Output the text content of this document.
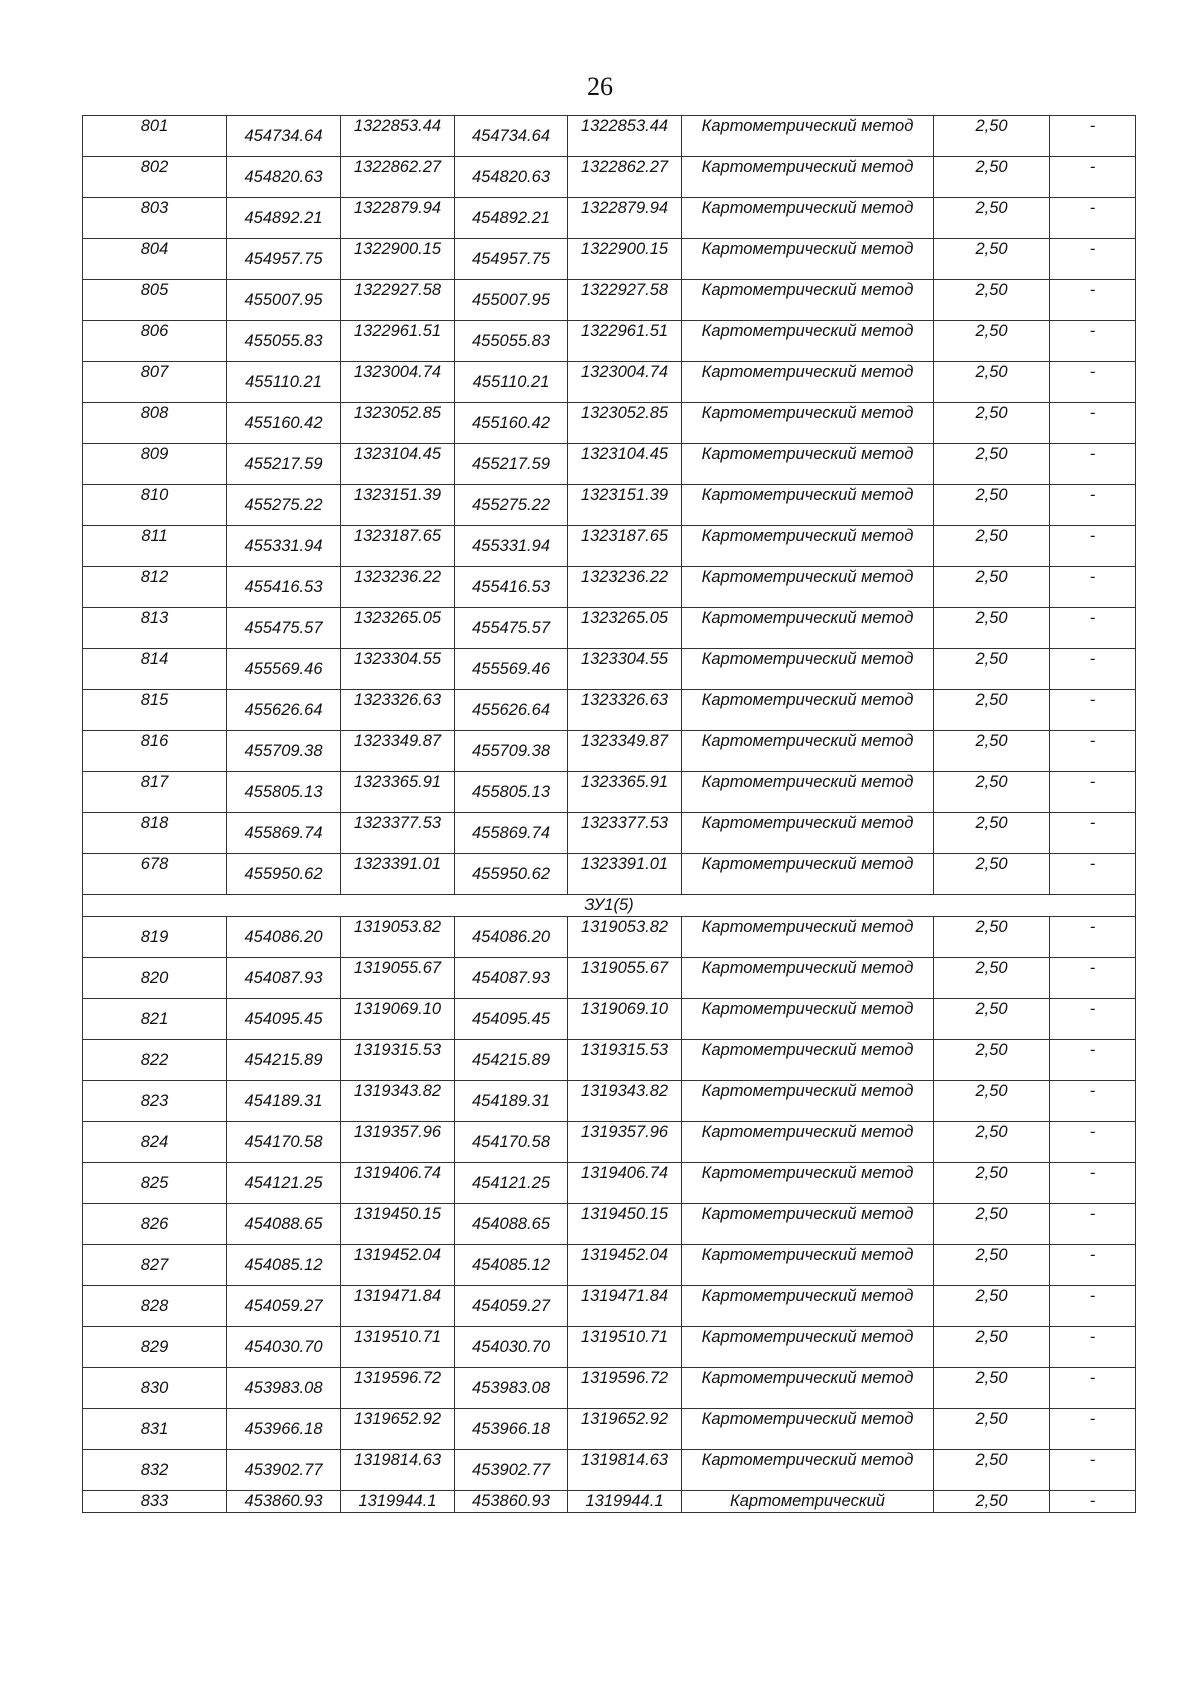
26
801	454734.64	1322853.44	454734.64	1322853.44	Картометрический метод	2,50	-
802	454820.63	1322862.27	454820.63	1322862.27	Картометрический метод	2,50	-
803	454892.21	1322879.94	454892.21	1322879.94	Картометрический метод	2,50	-
804	454957.75	1322900.15	454957.75	1322900.15	Картометрический метод	2,50	-
805	455007.95	1322927.58	455007.95	1322927.58	Картометрический метод	2,50	-
806	455055.83	1322961.51	455055.83	1322961.51	Картометрический метод	2,50	-
807	455110.21	1323004.74	455110.21	1323004.74	Картометрический метод	2,50	-
808	455160.42	1323052.85	455160.42	1323052.85	Картометрический метод	2,50	-
809	455217.59	1323104.45	455217.59	1323104.45	Картометрический метод	2,50	-
810	455275.22	1323151.39	455275.22	1323151.39	Картометрический метод	2,50	-
811	455331.94	1323187.65	455331.94	1323187.65	Картометрический метод	2,50	-
812	455416.53	1323236.22	455416.53	1323236.22	Картометрический метод	2,50	-
813	455475.57	1323265.05	455475.57	1323265.05	Картометрический метод	2,50	-
814	455569.46	1323304.55	455569.46	1323304.55	Картометрический метод	2,50	-
815	455626.64	1323326.63	455626.64	1323326.63	Картометрический метод	2,50	-
816	455709.38	1323349.87	455709.38	1323349.87	Картометрический метод	2,50	-
817	455805.13	1323365.91	455805.13	1323365.91	Картометрический метод	2,50	-
818	455869.74	1323377.53	455869.74	1323377.53	Картометрический метод	2,50	-
678	455950.62	1323391.01	455950.62	1323391.01	Картометрический метод	2,50	-
ЗУ1(5)							
819	454086.20	1319053.82	454086.20	1319053.82	Картометрический метод	2,50	-
820	454087.93	1319055.67	454087.93	1319055.67	Картометрический метод	2,50	-
821	454095.45	1319069.10	454095.45	1319069.10	Картометрический метод	2,50	-
822	454215.89	1319315.53	454215.89	1319315.53	Картометрический метод	2,50	-
823	454189.31	1319343.82	454189.31	1319343.82	Картометрический метод	2,50	-
824	454170.58	1319357.96	454170.58	1319357.96	Картометрический метод	2,50	-
825	454121.25	1319406.74	454121.25	1319406.74	Картометрический метод	2,50	-
826	454088.65	1319450.15	454088.65	1319450.15	Картометрический метод	2,50	-
827	454085.12	1319452.04	454085.12	1319452.04	Картометрический метод	2,50	-
828	454059.27	1319471.84	454059.27	1319471.84	Картометрический метод	2,50	-
829	454030.70	1319510.71	454030.70	1319510.71	Картометрический метод	2,50	-
830	453983.08	1319596.72	453983.08	1319596.72	Картометрический метод	2,50	-
831	453966.18	1319652.92	453966.18	1319652.92	Картометрический метод	2,50	-
832	453902.77	1319814.63	453902.77	1319814.63	Картометрический метод	2,50	-
833	453860.93	1319944.1	453860.93	1319944.1	Картометрический	2,50	-
